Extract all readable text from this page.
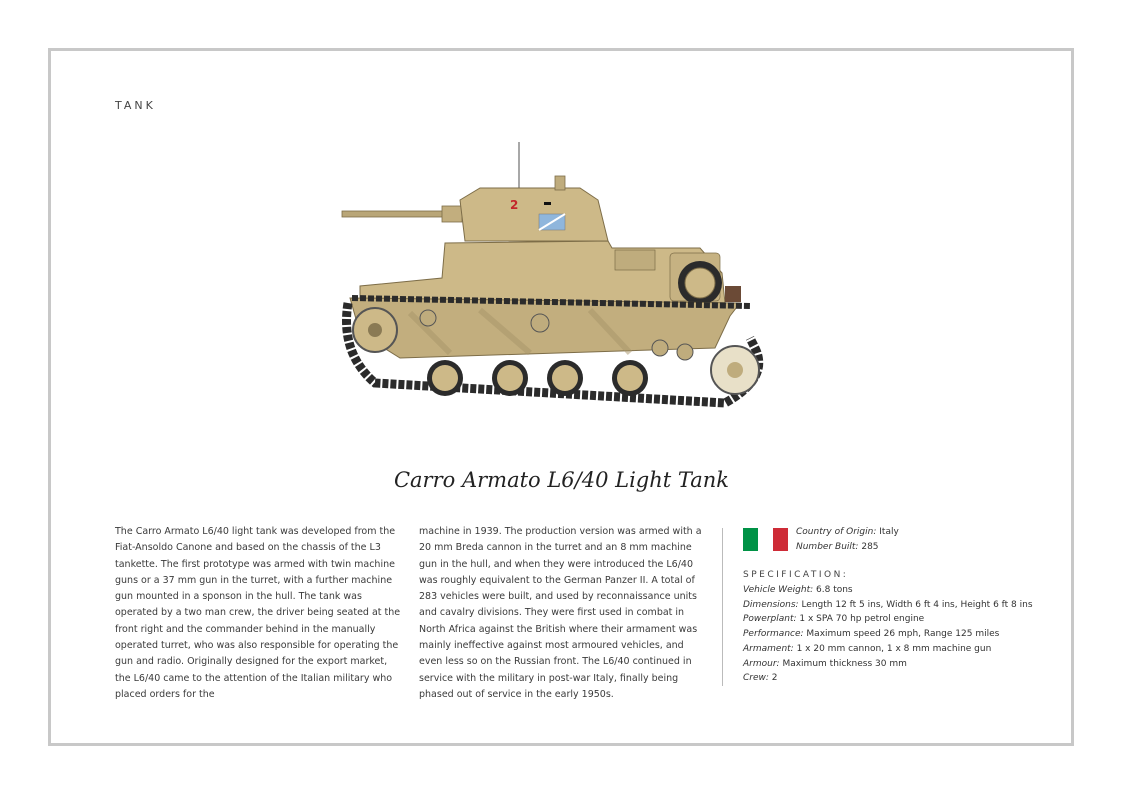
TANK
2
Carro Armato L6/40 Light Tank
The Carro Armato L6/40 light tank was developed from the Fiat-Ansoldo Canone and based on the chassis of the L3 tankette. The first prototype was armed with twin machine guns or a 37 mm gun in the turret, with a further machine gun mounted in a sponson in the hull. The tank was operated by a two man crew, the driver being seated at the front right and the commander behind in the manually operated turret, who was also responsible for operating the gun and radio. Originally designed for the export market, the L6/40 came to the attention of the Italian military who placed orders for the
machine in 1939. The production version was armed with a 20 mm Breda cannon in the turret and an 8 mm machine gun in the hull, and when they were introduced the L6/40 was roughly equivalent to the German Panzer II. A total of 283 vehicles were built, and used by reconnaissance units and cavalry divisions. They were first used in combat in North Africa against the British where their armament was mainly ineffective against most armoured vehicles, and even less so on the Russian front. The L6/40 continued in service with the military in post-war Italy, finally being phased out of service in the early 1950s.
Country of Origin: Italy
Number Built: 285
SPECIFICATION:
Vehicle Weight: 6.8 tons
Dimensions: Length 12 ft 5 ins, Width 6 ft 4 ins, Height 6 ft 8 ins
Powerplant: 1 x SPA 70 hp petrol engine
Performance: Maximum speed 26 mph, Range 125 miles
Armament: 1 x 20 mm cannon, 1 x 8 mm machine gun
Armour: Maximum thickness 30 mm
Crew: 2
